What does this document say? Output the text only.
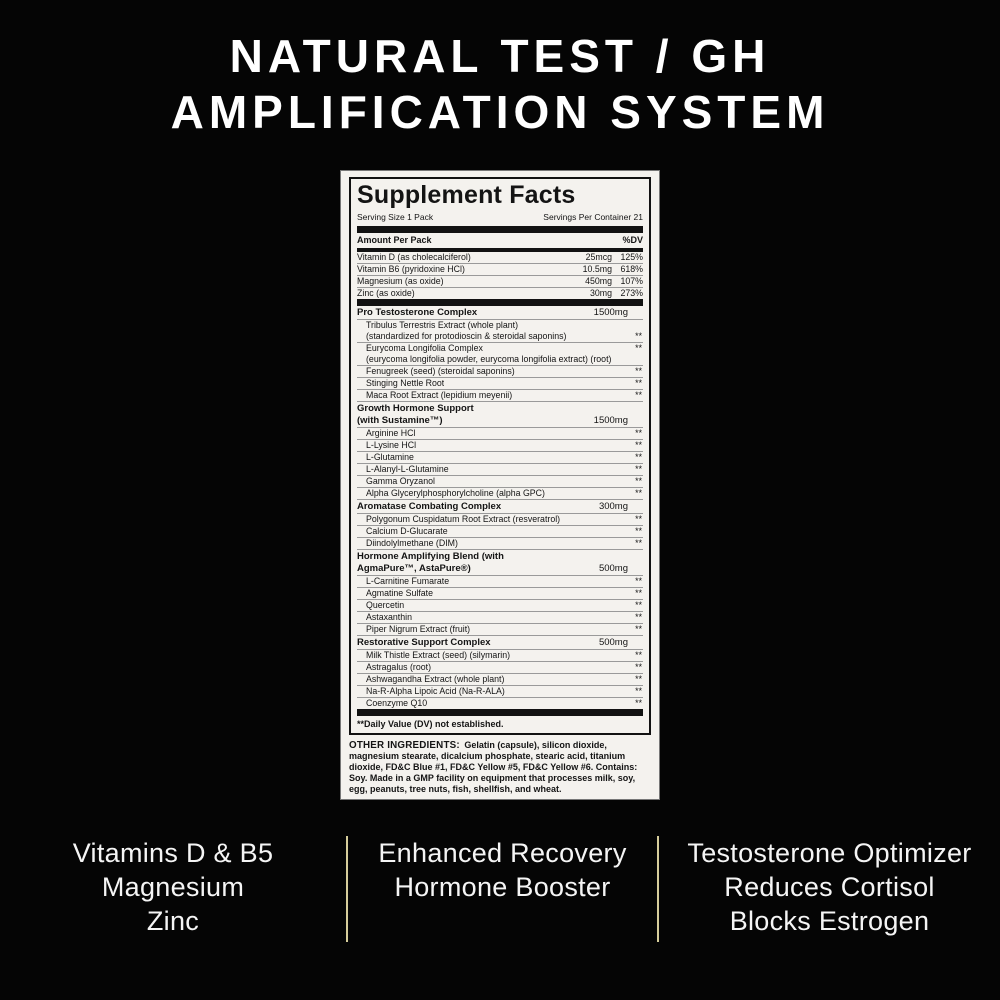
NATURAL TEST / GH
AMPLIFICATION SYSTEM
Supplement Facts
Serving Size 1 Pack	Servings Per Container 21
Amount Per Pack	%DV
Vitamin D (as cholecalciferol)	25mcg 125%
Vitamin B6 (pyridoxine HCl)	10.5mg 618%
Magnesium (as oxide)	450mg 107%
Zinc (as oxide)	30mg 273%
Pro Testosterone Complex	1500mg
Tribulus Terrestris Extract (whole plant)
(standardized for protodioscin & steroidal saponins)	**
Eurycoma Longifolia Complex	**
(eurycoma longifolia powder, eurycoma longifolia extract) (root)
Fenugreek (seed) (steroidal saponins)	**
Stinging Nettle Root	**
Maca Root Extract (lepidium meyenii)	**
Growth Hormone Support
(with Sustamine™)	1500mg
Arginine HCl	**
L-Lysine HCl	**
L-Glutamine	**
L-Alanyl-L-Glutamine	**
Gamma Oryzanol	**
Alpha Glycerylphosphorylcholine (alpha GPC)	**
Aromatase Combating Complex	300mg
Polygonum Cuspidatum Root Extract (resveratrol)	**
Calcium D-Glucarate	**
Diindolylmethane (DIM)	**
Hormone Amplifying Blend (with
AgmaPure™, AstaPure®)	500mg
L-Carnitine Fumarate	**
Agmatine Sulfate	**
Quercetin	**
Astaxanthin	**
Piper Nigrum Extract (fruit)	**
Restorative Support Complex	500mg
Milk Thistle Extract (seed) (silymarin)	**
Astragalus (root)	**
Ashwagandha Extract (whole plant)	**
Na-R-Alpha Lipoic Acid (Na-R-ALA)	**
Coenzyme Q10	**
**Daily Value (DV) not established.
OTHER INGREDIENTS: Gelatin (capsule), silicon dioxide, magnesium stearate, dicalcium phosphate, stearic acid, titanium dioxide, FD&C Blue #1, FD&C Yellow #5, FD&C Yellow #6. Contains: Soy. Made in a GMP facility on equipment that processes milk, soy, egg, peanuts, tree nuts, fish, shellfish, and wheat.
Vitamins D & B5
Magnesium
Zinc
Enhanced Recovery
Hormone Booster
Testosterone Optimizer
Reduces Cortisol
Blocks Estrogen
